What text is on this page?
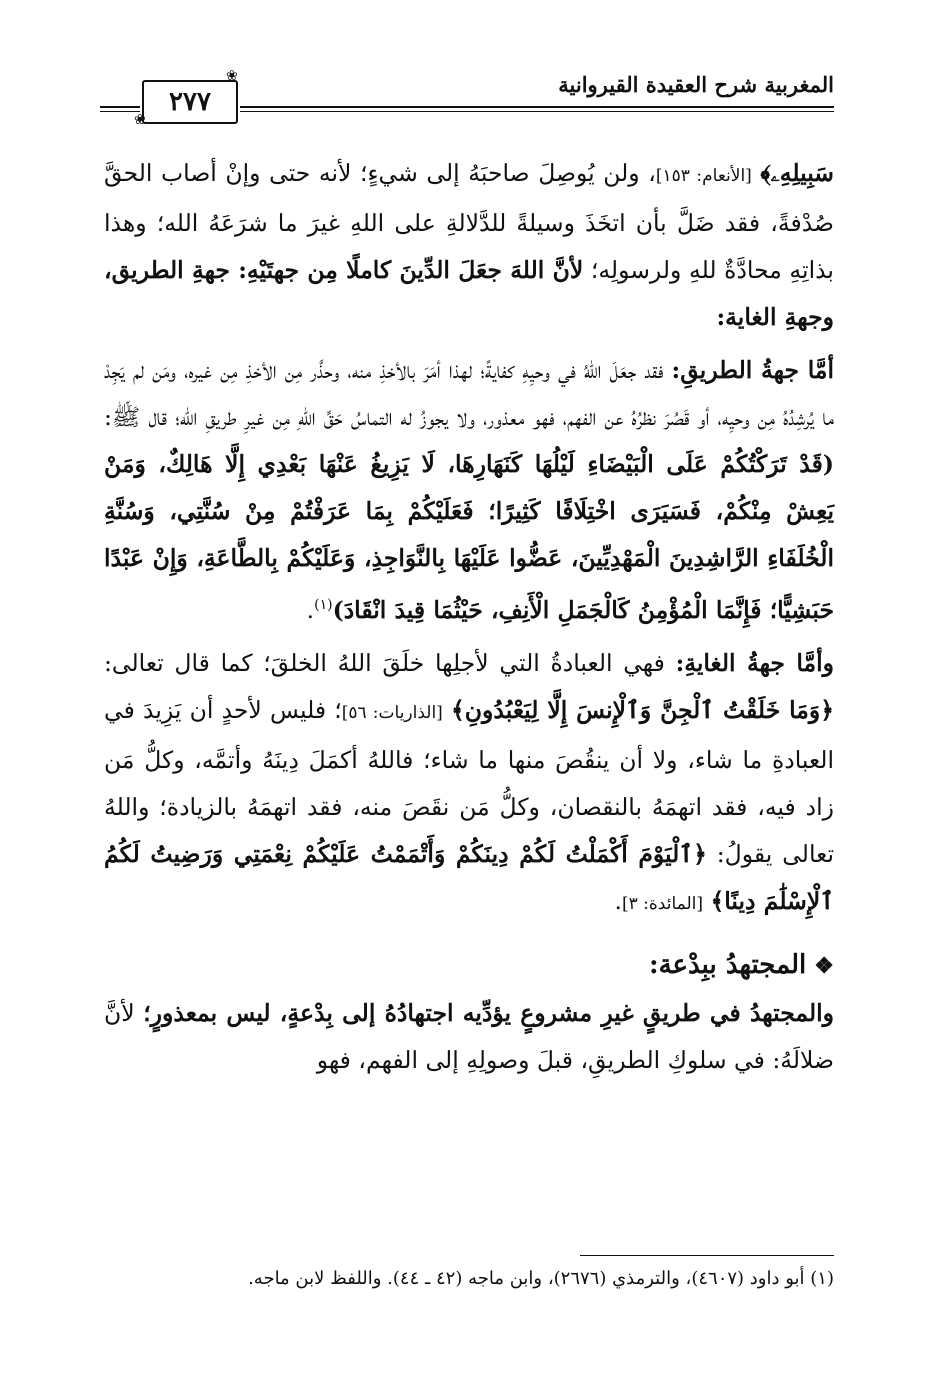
المغربية شرح العقيدة القيروانية
٢٧٧
❀
❀

سَبِيلِهِۦ﴾ [الأنعام: ١٥٣]، ولن يُوصِلَ صاحبَهُ إلى شيءٍ؛ لأنه حتى وإنْ أصاب الحقَّ صُدْفةً، فقد ضَلَّ بأن اتخَذَ وسيلةً للدَّلالةِ على اللهِ غيرَ ما شرَعَهُ الله؛ وهذا بذاتِهِ محادَّةٌ للهِ ولرسولِه؛ لأنَّ اللهَ جعَلَ الدِّينَ كاملًا مِن جهتَيْهِ: جهةِ الطريق، وجهةِ الغاية:

أمَّا جهةُ الطريقِ: فقد جعَلَ اللهُ في وحيِهِ كفايةً؛ لهذا أمَرَ بالأخذِ منه، وحذَّر مِن الأخذِ مِن غيره، ومَن لم يَجِدْ ما يُرشِدُهُ مِن وحيِه، أو قَصُرَ نظرُهُ عن الفهم، فهو معذور، ولا يجوزُ له التماسُ حَقِّ اللهِ مِن غيرِ طريقِ الله؛ قال ﷺ: (قَدْ تَرَكْتُكُمْ عَلَى الْبَيْضَاءِ لَيْلُهَا كَنَهَارِهَا، لَا يَزِيغُ عَنْهَا بَعْدِي إِلَّا هَالِكٌ، وَمَنْ يَعِشْ مِنْكُمْ، فَسَيَرَى اخْتِلَافًا كَثِيرًا؛ فَعَلَيْكُمْ بِمَا عَرَفْتُمْ مِنْ سُنَّتِي، وَسُنَّةِ الْخُلَفَاءِ الرَّاشِدِينَ الْمَهْدِيِّينَ، عَضُّوا عَلَيْهَا بِالنَّوَاجِذِ، وَعَلَيْكُمْ بِالطَّاعَةِ، وَإِنْ عَبْدًا حَبَشِيًّا؛ فَإِنَّمَا الْمُؤْمِنُ كَالْجَمَلِ الْأَنِفِ، حَيْثُمَا قِيدَ انْقَادَ)$^{(١)}$.

وأمَّا جهةُ الغايةِ: فهي العبادةُ التي لأجلِها خلَقَ اللهُ الخلقَ؛ كما قال تعالى: ﴿وَمَا خَلَقْتُ ٱلْجِنَّ وَٱلْإِنسَ إِلَّا لِيَعْبُدُونِ﴾ [الذاريات: ٥٦]؛ فليس لأحدٍ أن يَزِيدَ في العبادةِ ما شاء، ولا أن ينقُصَ منها ما شاء؛ فاللهُ أكمَلَ دِينَهُ وأتمَّه، وكلُّ مَن زاد فيه، فقد اتهمَهُ بالنقصان، وكلُّ مَن نقَصَ منه، فقد اتهمَهُ بالزيادة؛ واللهُ تعالى يقولُ: ﴿ٱلْيَوْمَ أَكْمَلْتُ لَكُمْ دِينَكُمْ وَأَتْمَمْتُ عَلَيْكُمْ نِعْمَتِي وَرَضِيتُ لَكُمُ ٱلْإِسْلَٰمَ دِينًا﴾ [المائدة: ٣].

❖المجتهدُ ببِدْعة:

والمجتهدُ في طريقٍ غيرِ مشروعٍ يؤدِّيه اجتهادُهُ إلى بِدْعةٍ، ليس بمعذورٍ؛ لأنَّ ضلالَهُ: في سلوكِ الطريقِ، قبلَ وصولِهِ إلى الفهم، فهو

(١) أبو داود (٤٦٠٧)، والترمذي (٢٦٧٦)، وابن ماجه (٤٢ ـ ٤٤). واللفظ لابن ماجه.
